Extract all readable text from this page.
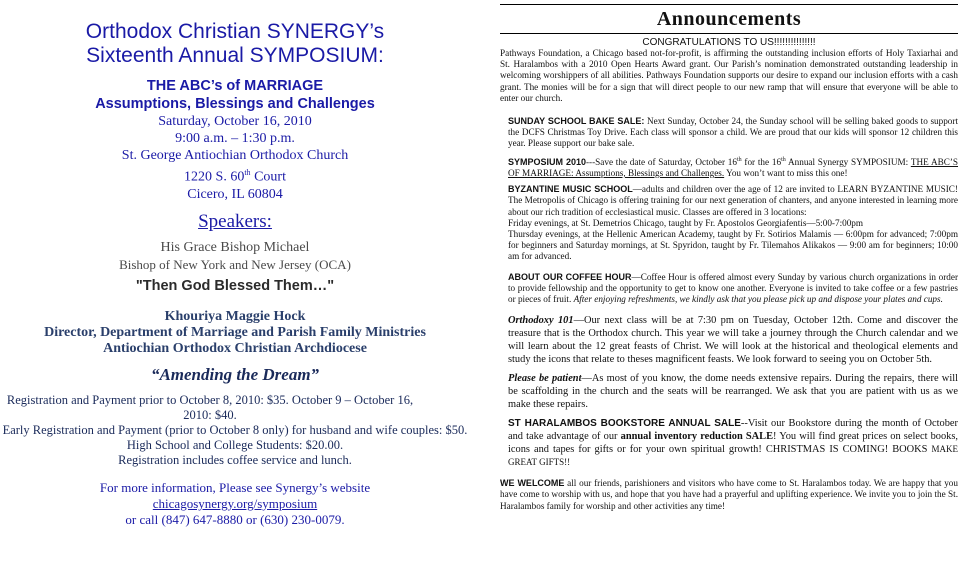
Orthodox Christian SYNERGY’s
Sixteenth Annual SYMPOSIUM:
THE ABC’s of MARRIAGE
Assumptions, Blessings and Challenges
Saturday, October 16, 2010
9:00 a.m. – 1:30 p.m.
St. George Antiochian Orthodox Church
1220 S. 60th Court
Cicero, IL 60804
Speakers:
His Grace Bishop Michael
Bishop of New York and New Jersey (OCA)
"Then God Blessed Them…"
Khouriya Maggie Hock
Director, Department of Marriage and Parish Family Ministries
Antiochian Orthodox Christian Archdiocese
“Amending the Dream”
Registration and Payment prior to October 8, 2010: $35. October 9 – October 16, 2010: $40.
Early Registration and Payment (prior to October 8 only) for husband and wife couples: $50.
High School and College Students: $20.00.
Registration includes coffee service and lunch.
For more information, Please see Synergy’s website
chicagosynergy.org/symposium
or call (847) 647-8880 or (630) 230-0079.
Announcements
CONGRATULATIONS TO US!!!!!!!!!!!!!!!

Pathways Foundation, a Chicago based not-for-profit, is affirming the outstanding inclusion efforts of Holy Taxiarhai and St. Haralambos with a 2010 Open Hearts Award grant. Our Parish’s nomination demonstrated outstanding leadership in welcoming worshippers of all abilities. Pathways Foundation supports our desire to expand our inclusion efforts with a cash grant. The monies will be for a sign that will direct people to our new ramp that will ensure that everyone will be able to enter our church.

SUNDAY SCHOOL BAKE SALE: Next Sunday, October 24, the Sunday school will be selling baked goods to support the DCFS Christmas Toy Drive. Each class will sponsor a child. We are proud that our kids will sponsor 12 children this year. Please support our bake sale.

SYMPOSIUM 2010---Save the date of Saturday, October 16th for the 16th Annual Synergy SYMPOSIUM: THE ABC’S OF MARRIAGE: Assumptions, Blessings and Challenges. You won’t want to miss this one!

BYZANTINE MUSIC SCHOOL—adults and children over the age of 12 are invited to LEARN BYZANTINE MUSIC! The Metropolis of Chicago is offering training for our next generation of chanters, and anyone interested in learning more about our rich tradition of ecclesiastical music. Classes are offered in 3 locations:

Friday evenings, at St. Demetrios Chicago, taught by Fr. Apostolos Georgiafentis—5:00-7:00pm

Thursday evenings, at the Hellenic American Academy, taught by Fr. Sotirios Malamis — 6:00pm for advanced; 7:00pm for beginners and Saturday mornings, at St. Spyridon, taught by Fr. Tilemahos Alikakos — 9:00 am for beginners; 10:00 am for advanced.

ABOUT OUR COFFEE HOUR—Coffee Hour is offered almost every Sunday by various church organizations in order to provide fellowship and the opportunity to get to know one another. Everyone is invited to take coffee or a few pastries or pieces of fruit. After enjoying refreshments, we kindly ask that you please pick up and dispose your plates and cups.

Orthodoxy 101—Our next class will be at 7:30 pm on Tuesday, October 12th. Come and discover the treasure that is the Orthodox church. This year we will take a journey through the Church calendar and we will learn about the 12 great feasts of Christ. We will look at the historical and theological elements and study the icons that relate to theses magnificent feasts. We look forward to seeing you on October 5th.

Please be patient—As most of you know, the dome needs extensive repairs. During the repairs, there will be scaffolding in the church and the seats will be rearranged. We ask that you are patient with us as we make these repairs.

ST HARALAMBOS BOOKSTORE ANNUAL SALE--Visit our Bookstore during the month of October and take advantage of our annual inventory reduction SALE! You will find great prices on select books, icons and tapes for gifts or for your own spiritual growth! CHRISTMAS IS COMING! BOOKS MAKE GREAT GIFTS!!

WE WELCOME all our friends, parishioners and visitors who have come to St. Haralambos today. We are happy that you have come to worship with us, and hope that you have had a prayerful and uplifting experience. We invite you to join the St. Haralambos family for worship and other activities any time!
